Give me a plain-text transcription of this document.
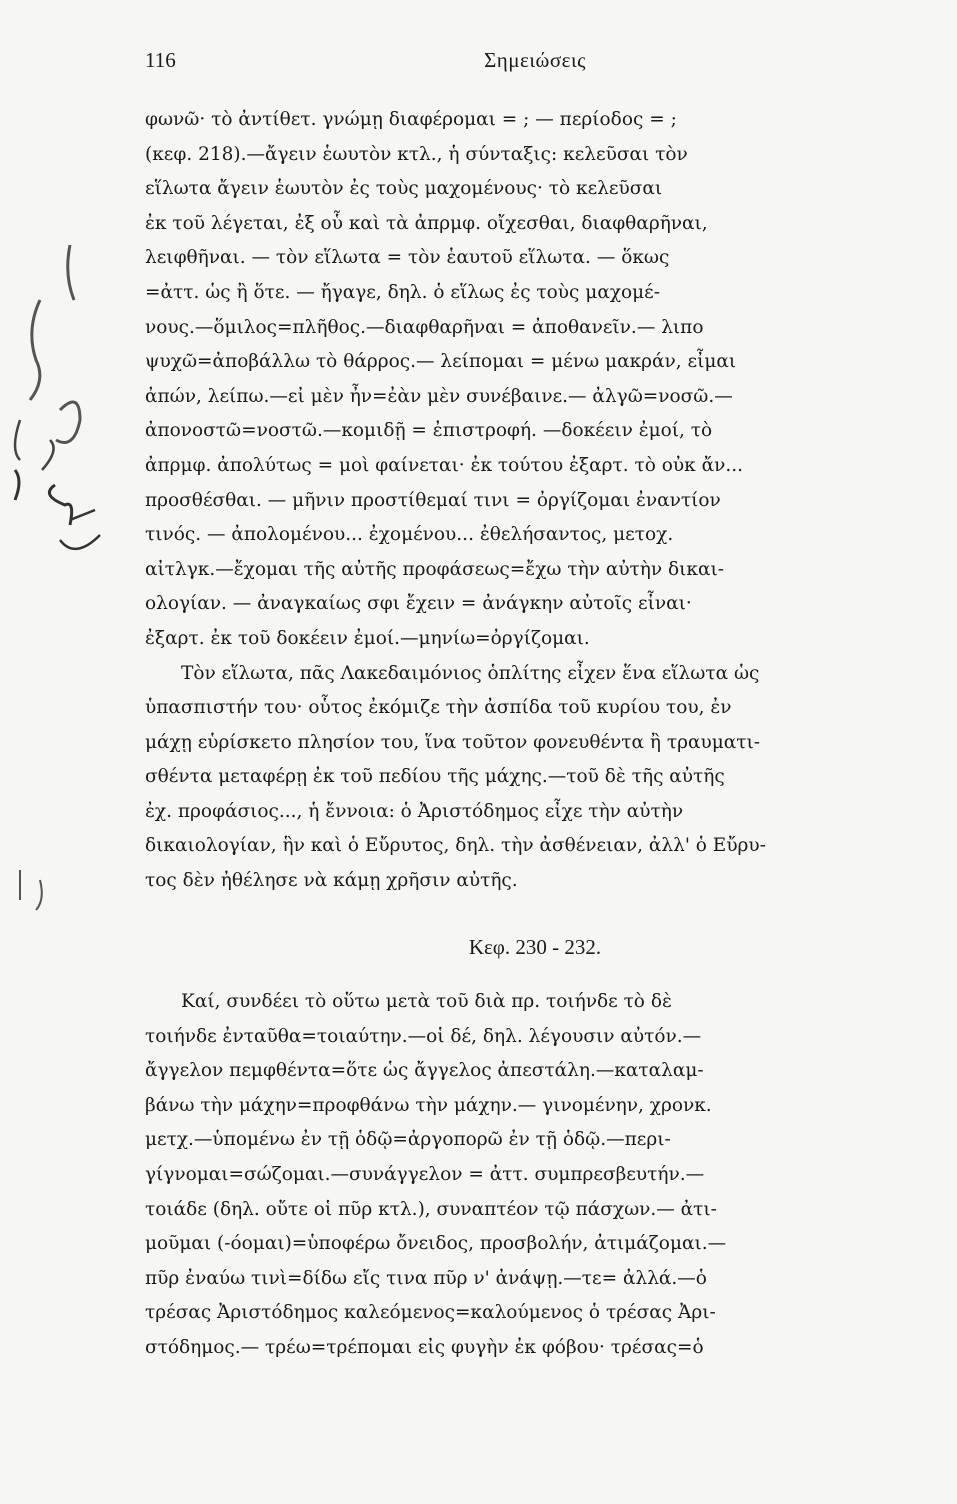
116	Σημειώσεις
φωνῶ· τὸ ἀντίθετ. γνώμῃ διαφέρομαι = ; — περίοδος = ;
(κεφ. 218).—ἄγειν ἑωυτὸν κτλ., ἡ σύνταξις: κελεῦσαι τὸν
εἵλωτα ἄγειν ἑωυτὸν ἐς τοὺς μαχομένους· τὸ κελεῦσαι
ἐκ τοῦ λέγεται, ἐξ οὗ καὶ τὰ ἀπρμφ. οἴχεσθαι, διαφθαρῆναι,
λειφθῆναι. — τὸν εἵλωτα = τὸν ἑαυτοῦ εἵλωτα. — ὅκως
=ἀττ. ὡς ἢ ὅτε. — ἤγαγε, δηλ. ὁ εἵλως ἐς τοὺς μαχομέ-
νους.—ὅμιλος=πλῆθος.—διαφθαρῆναι = ἀποθανεῖν.— λιπο
ψυχῶ=ἀποβάλλω τὸ θάρρος.— λείπομαι = μένω μακράν, εἶμαι
ἀπών, λείπω.—εἰ μὲν ἦν=ἐὰν μὲν συνέβαινε.— ἀλγῶ=νοσῶ.—
ἀπονοστῶ=νοστῶ.—κομιδῇ = ἐπιστροφή. —δοκέειν ἐμοί, τὸ
ἀπρμφ. ἀπολύτως = μοὶ φαίνεται· ἐκ τούτου ἐξαρτ. τὸ οὐκ ἄν...
προσθέσθαι. — μῆνιν προστίθεμαί τινι = ὀργίζομαι ἐναντίον
τινός. — ἀπολομένου... ἐχομένου... ἐθελήσαντος, μετοχ.
αἰτλγκ.—ἔχομαι τῆς αὐτῆς προφάσεως=ἔχω τὴν αὐτὴν δικαι-
ολογίαν. — ἀναγκαίως σφι ἔχειν = ἀνάγκην αὐτοῖς εἶναι·
ἐξαρτ. ἐκ τοῦ δοκέειν ἐμοί.—μηνίω=ὀργίζομαι.
Τὸν εἵλωτα, πᾶς Λακεδαιμόνιος ὁπλίτης εἶχεν ἕνα εἵλωτα ὡς
ὑπασπιστήν του· οὗτος ἐκόμιζε τὴν ἀσπίδα τοῦ κυρίου του, ἐν
μάχῃ εὑρίσκετο πλησίον του, ἵνα τοῦτον φονευθέντα ἢ τραυματι-
σθέντα μεταφέρῃ ἐκ τοῦ πεδίου τῆς μάχης.—τοῦ δὲ τῆς αὐτῆς
ἐχ. προφάσιος..., ἡ ἔννοια: ὁ Ἀριστόδημος εἶχε τὴν αὐτὴν
δικαιολογίαν, ἣν καὶ ὁ Εὔρυτος, δηλ. τὴν ἀσθένειαν, ἀλλ' ὁ Εὔρυ-
τος δὲν ἠθέλησε νὰ κάμῃ χρῆσιν αὐτῆς.
Κεφ. 230 - 232.
Καί, συνδέει τὸ οὕτω μετὰ τοῦ διὰ πρ. τοιήνδε τὸ δὲ
τοιήνδε ἐνταῦθα=τοιαύτην.—οἱ δέ, δηλ. λέγουσιν αὐτόν.—
ἄγγελον πεμφθέντα=ὅτε ὡς ἄγγελος ἀπεστάλη.—καταλαμ-
βάνω τὴν μάχην=προφθάνω τὴν μάχην.— γινομένην, χρονκ.
μετχ.—ὑπομένω ἐν τῇ ὁδῷ=ἀργοπορῶ ἐν τῇ ὁδῷ.—περι-
γίγνομαι=σώζομαι.—συνάγγελον = ἀττ. συμπρεσβευτήν.—
τοιάδε (δηλ. οὔτε οἱ πῦρ κτλ.), συναπτέον τῷ πάσχων.— ἀτι-
μοῦμαι (-όομαι)=ὑποφέρω ὄνειδος, προσβολήν, ἀτιμάζομαι.—
πῦρ ἐναύω τινὶ=δίδω εἴς τινα πῦρ ν' ἀνάψῃ.—τε= ἀλλά.—ὁ
τρέσας Ἀριστόδημος καλεόμενος=καλούμενος ὁ τρέσας Ἀρι-
στόδημος.— τρέω=τρέπομαι εἰς φυγὴν ἐκ φόβου· τρέσας=ὁ
